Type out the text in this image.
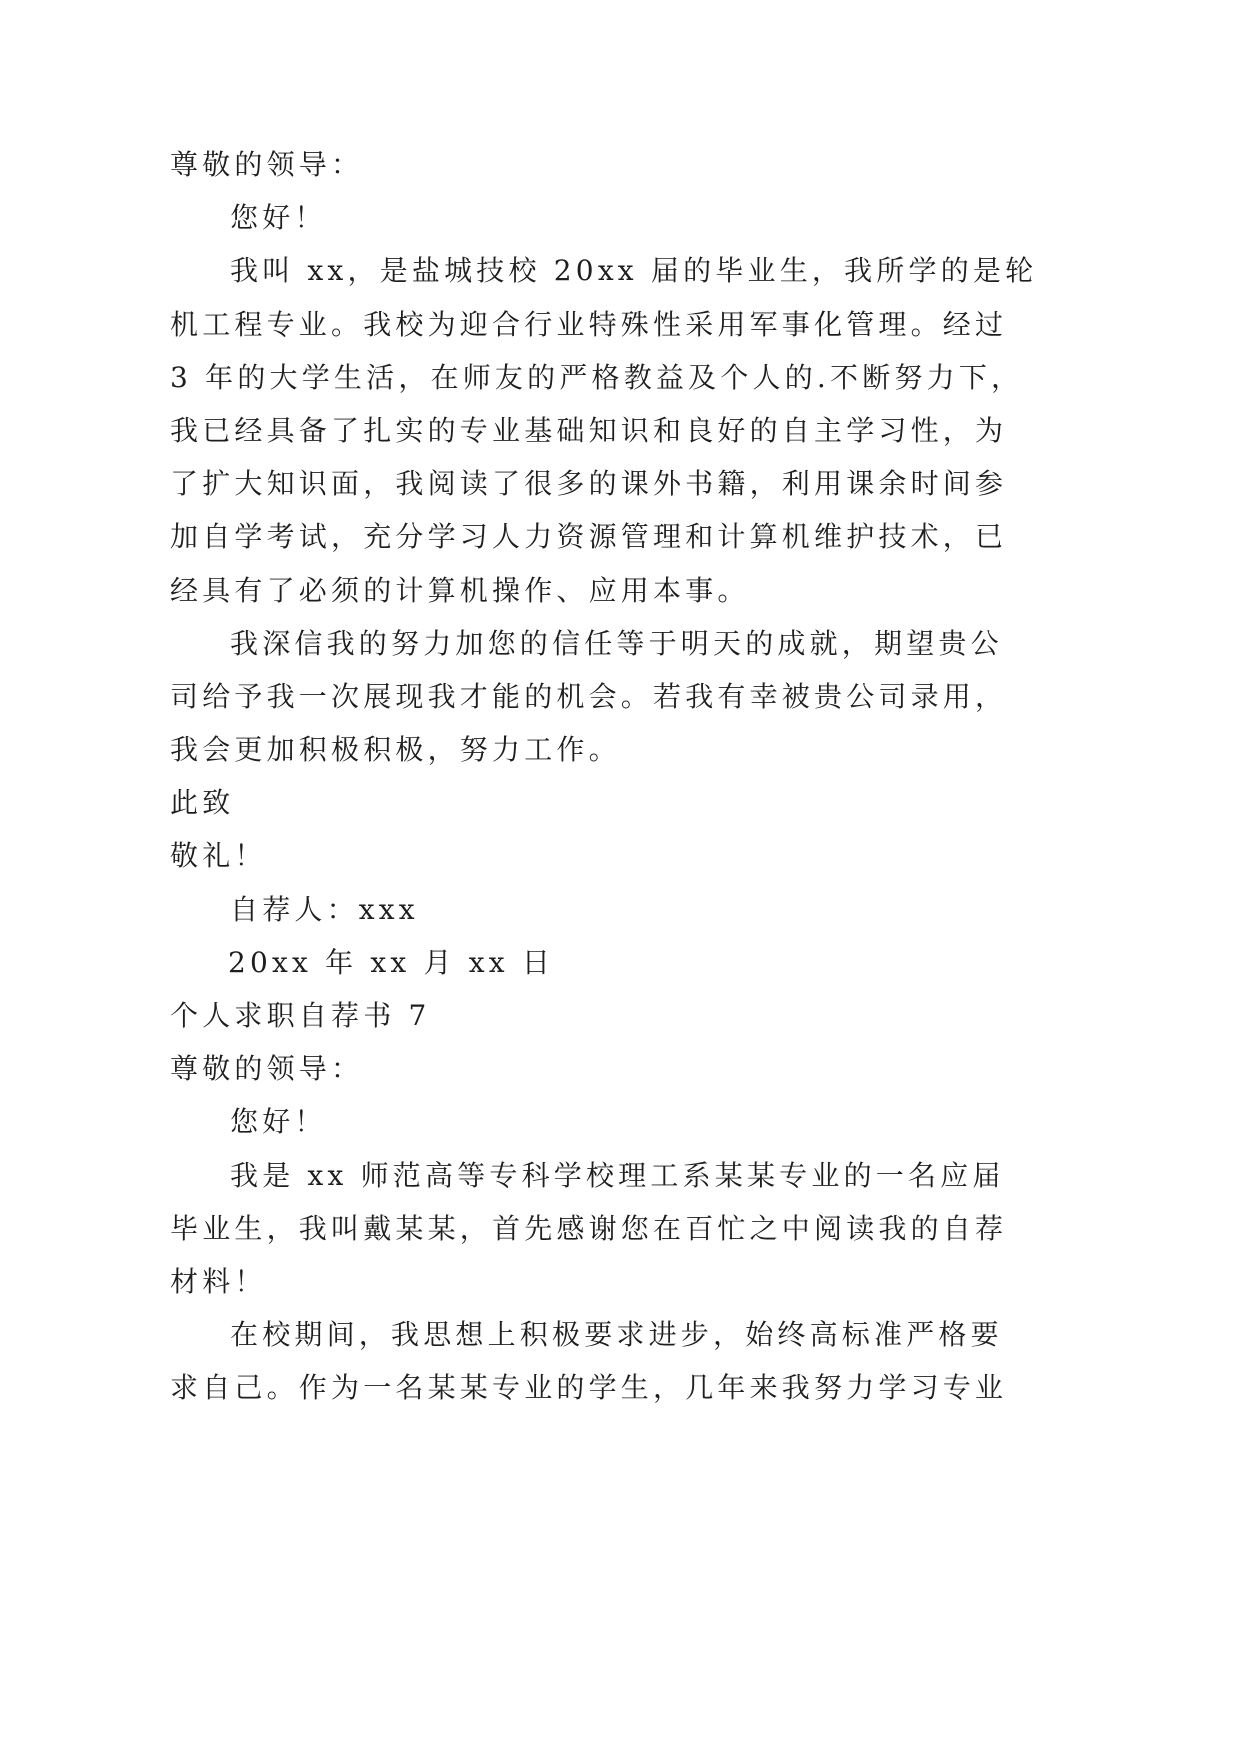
尊敬的领导：
您好！
我叫 xx，是盐城技校 20xx 届的毕业生，我所学的是轮
机工程专业。我校为迎合行业特殊性采用军事化管理。经过
3 年的大学生活，在师友的严格教益及个人的.不断努力下，
我已经具备了扎实的专业基础知识和良好的自主学习性，为
了扩大知识面，我阅读了很多的课外书籍，利用课余时间参
加自学考试，充分学习人力资源管理和计算机维护技术，已
经具有了必须的计算机操作、应用本事。
我深信我的努力加您的信任等于明天的成就，期望贵公
司给予我一次展现我才能的机会。若我有幸被贵公司录用，
我会更加积极积极，努力工作。
此致
敬礼！
自荐人：xxx
20xx 年 xx 月 xx 日
个人求职自荐书 7
尊敬的领导：
您好！
我是 xx 师范高等专科学校理工系某某专业的一名应届
毕业生，我叫戴某某，首先感谢您在百忙之中阅读我的自荐
材料！
在校期间，我思想上积极要求进步，始终高标准严格要
求自己。作为一名某某专业的学生，几年来我努力学习专业
